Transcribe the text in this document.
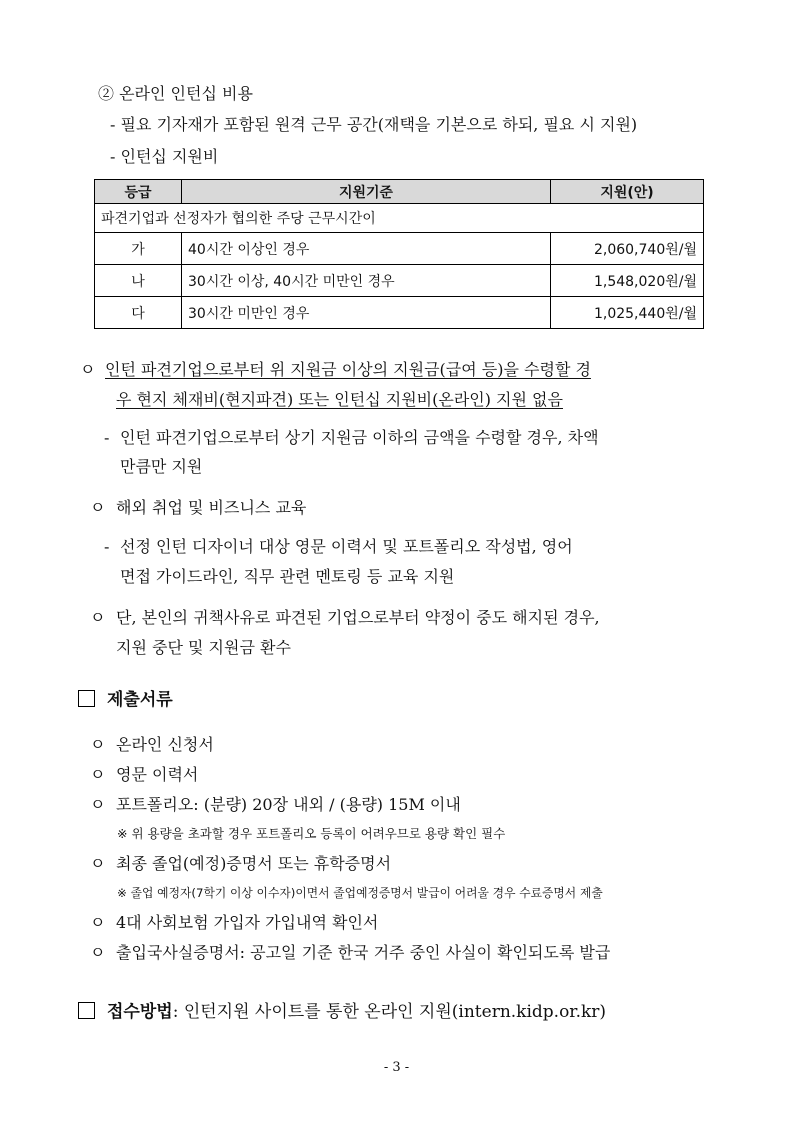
② 온라인 인턴십 비용
- 필요 기자재가 포함된 원격 근무 공간(재택을 기본으로 하되, 필요 시 지원)
- 인턴십 지원비
등급	지원기준	지원(안)
파견기업과 선정자가 협의한 주당 근무시간이		
가	40시간 이상인 경우	2,060,740원/월
나	30시간 이상, 40시간 미만인 경우	1,548,020원/월
다	30시간 미만인 경우	1,025,440원/월
ㅇ 인턴 파견기업으로부터 위 지원금 이상의 지원금(급여 등)을 수령할 경
우 현지 체재비(현지파견) 또는 인턴십 지원비(온라인) 지원 없음
- 인턴 파견기업으로부터 상기 지원금 이하의 금액을 수령할 경우, 차액
만큼만 지원
ㅇ 해외 취업 및 비즈니스 교육
- 선정 인턴 디자이너 대상 영문 이력서 및 포트폴리오 작성법, 영어
면접 가이드라인, 직무 관련 멘토링 등 교육 지원
ㅇ 단, 본인의 귀책사유로 파견된 기업으로부터 약정이 중도 해지된 경우,
지원 중단 및 지원금 환수
제출서류
ㅇ 온라인 신청서
ㅇ 영문 이력서
ㅇ 포트폴리오: (분량) 20장 내외 / (용량) 15M 이내
※ 위 용량을 초과할 경우 포트폴리오 등록이 어려우므로 용량 확인 필수
ㅇ 최종 졸업(예정)증명서 또는 휴학증명서
※ 졸업 예정자(7학기 이상 이수자)이면서 졸업예정증명서 발급이 어려울 경우 수료증명서 제출
ㅇ 4대 사회보험 가입자 가입내역 확인서
ㅇ 출입국사실증명서: 공고일 기준 한국 거주 중인 사실이 확인되도록 발급
접수방법: 인턴지원 사이트를 통한 온라인 지원(intern.kidp.or.kr)
- 3 -
